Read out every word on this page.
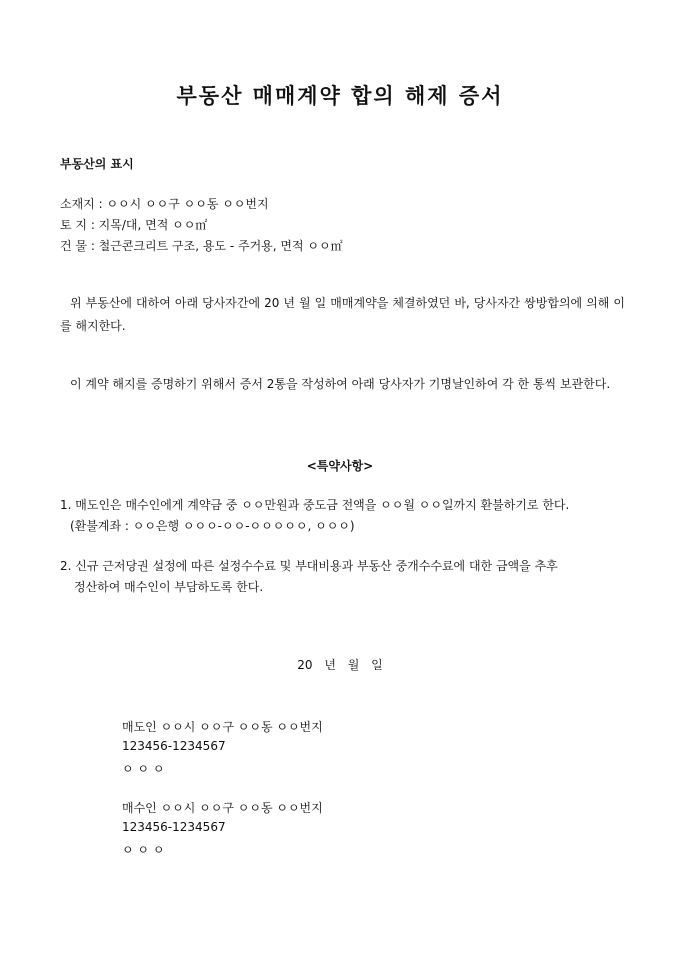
부동산 매매계약 합의 해제 증서
부동산의 표시
소재지 : ㅇㅇ시 ㅇㅇ구 ㅇㅇ동 ㅇㅇ번지
토 지 : 지목/대, 면적 ㅇㅇ㎡
건 물 : 철근콘크리트 구조, 용도 - 주거용, 면적 ㅇㅇ㎡
위 부동산에 대하여 아래 당사자간에 20 년 월 일 매매계약을 체결하였던 바, 당사자간 쌍방합의에 의해 이를 해지한다.
이 계약 해지를 증명하기 위해서 증서 2통을 작성하여 아래 당사자가 기명날인하여 각 한 통씩 보관한다.
<특약사항>
1. 매도인은 매수인에게 계약금 중 ㅇㅇ만원과 중도금 전액을 ㅇㅇ월 ㅇㅇ일까지 환불하기로 한다.
(환불계좌 : ㅇㅇ은행 ㅇㅇㅇ-ㅇㅇ-ㅇㅇㅇㅇㅇ, ㅇㅇㅇ)
2. 신규 근저당권 설정에 따른 설정수수료 및 부대비용과 부동산 중개수수료에 대한 금액을 추후
정산하여 매수인이 부담하도록 한다.
20 년 월 일
매도인 ㅇㅇ시 ㅇㅇ구 ㅇㅇ동 ㅇㅇ번지
123456-1234567
ㅇ ㅇ ㅇ
매수인 ㅇㅇ시 ㅇㅇ구 ㅇㅇ동 ㅇㅇ번지
123456-1234567
ㅇ ㅇ ㅇ
